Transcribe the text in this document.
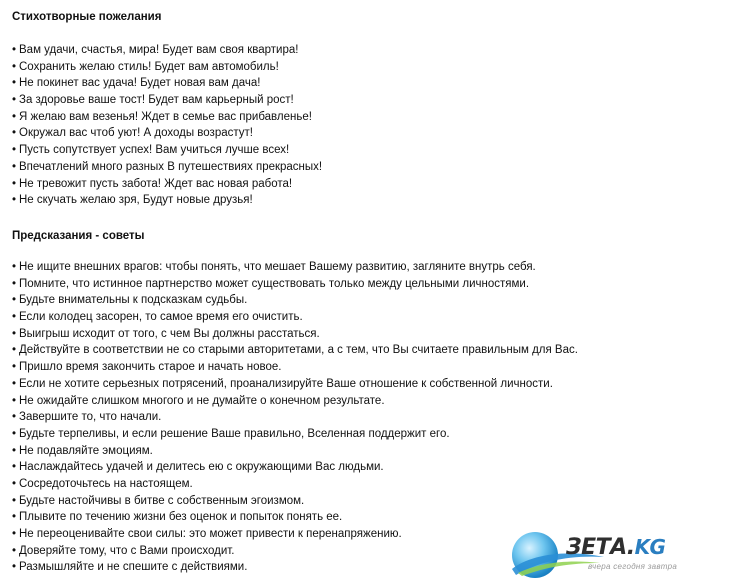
Стихотворные пожелания
• Вам удачи, счастья, мира! Будет вам своя квартира!
• Сохранить желаю стиль! Будет вам автомобиль!
• Не покинет вас удача! Будет новая вам дача!
• За здоровье ваше тост! Будет вам карьерный рост!
• Я желаю вам везенья! Ждет в семье вас прибавленье!
• Окружал вас чтоб уют! А доходы возрастут!
• Пусть сопутствует успех! Вам учиться лучше всех!
• Впечатлений много разных В путешествиях прекрасных!
• Не тревожит пусть забота! Ждет вас новая работа!
• Не скучать желаю зря, Будут новые друзья!
Предсказания - советы
• Не ищите внешних врагов: чтобы понять, что мешает Вашему развитию, загляните внутрь себя.
• Помните, что истинное партнерство может существовать только между цельными личностями.
• Будьте внимательны к подсказкам судьбы.
• Если колодец засорен, то самое время его очистить.
• Выигрыш исходит от того, с чем Вы должны расстаться.
• Действуйте в соответствии не со старыми авторитетами, а с тем, что Вы считаете правильным для Вас.
• Пришло время закончить старое и начать новое.
• Если не хотите серьезных потрясений, проанализируйте Ваше отношение к собственной личности.
• Не ожидайте слишком многого и не думайте о конечном результате.
• Завершите то, что начали.
• Будьте терпеливы, и если решение Ваше правильно, Вселенная поддержит его.
• Не подавляйте эмоциям.
• Наслаждайтесь удачей и делитесь ею с окружающими Вас людьми.
• Сосредоточьтесь на настоящем.
• Будьте настойчивы в битве с собственным эгоизмом.
• Плывите по течению жизни без оценок и попыток понять ее.
• Не переоценивайте свои силы: это может привести к перенапряжению.
• Доверяйте тому, что с Вами происходит.
• Размышляйте и не спешите с действиями.
ЗЕТА.KG
вчера сегодня завтра
